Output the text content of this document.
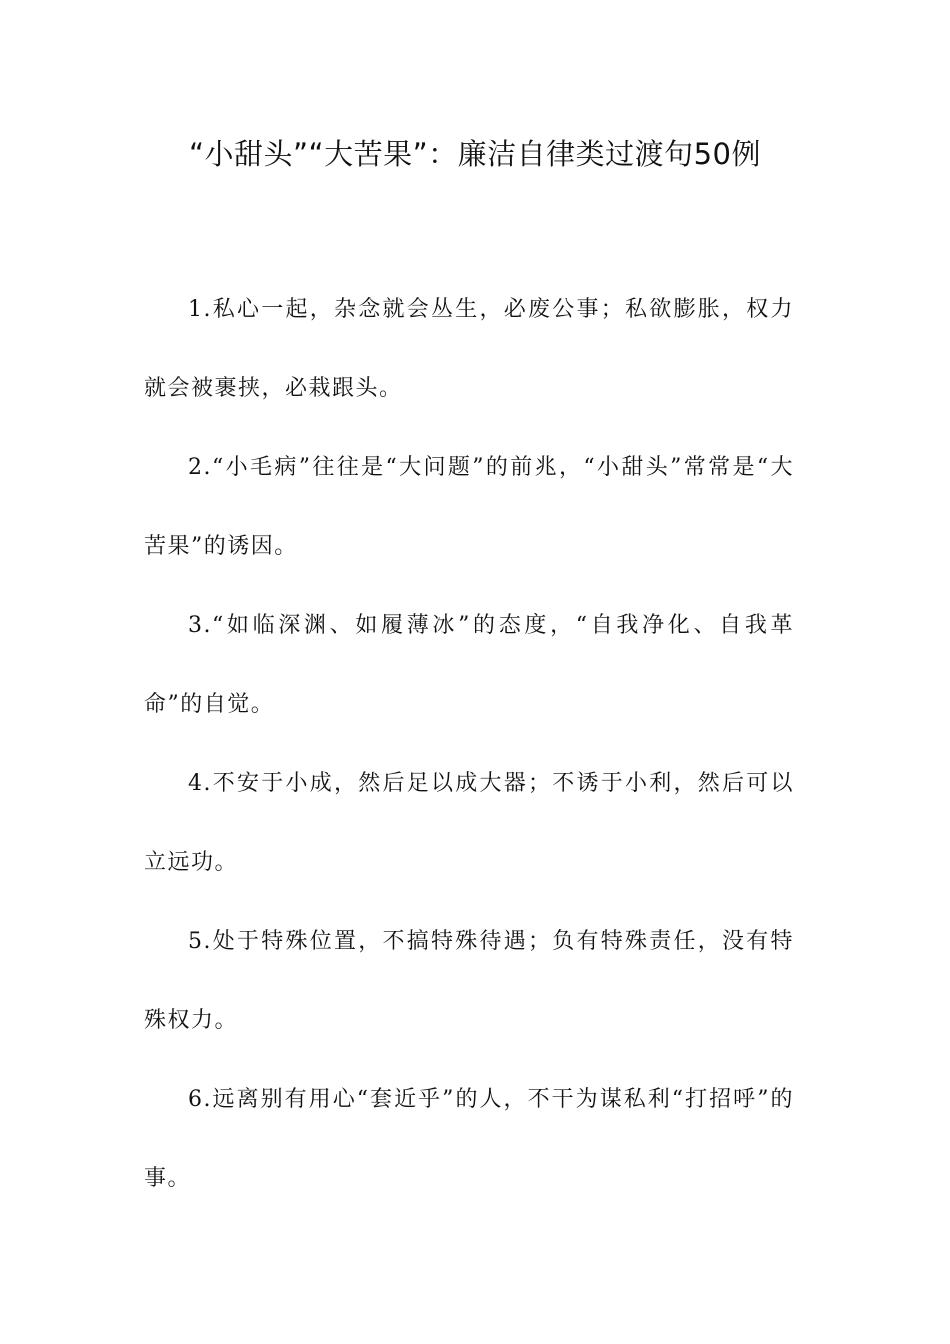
“小甜头”“大苦果”：廉洁自律类过渡句50例

1.私心一起，杂念就会丛生，必废公事；私欲膨胀，权力就会被裹挟，必栽跟头。

2.“小毛病”往往是“大问题”的前兆，“小甜头”常常是“大苦果”的诱因。

3.“如临深渊、如履薄冰”的态度，“自我净化、自我革命”的自觉。

4.不安于小成，然后足以成大器；不诱于小利，然后可以立远功。

5.处于特殊位置，不搞特殊待遇；负有特殊责任，没有特殊权力。

6.远离别有用心“套近乎”的人，不干为谋私利“打招呼”的事。
